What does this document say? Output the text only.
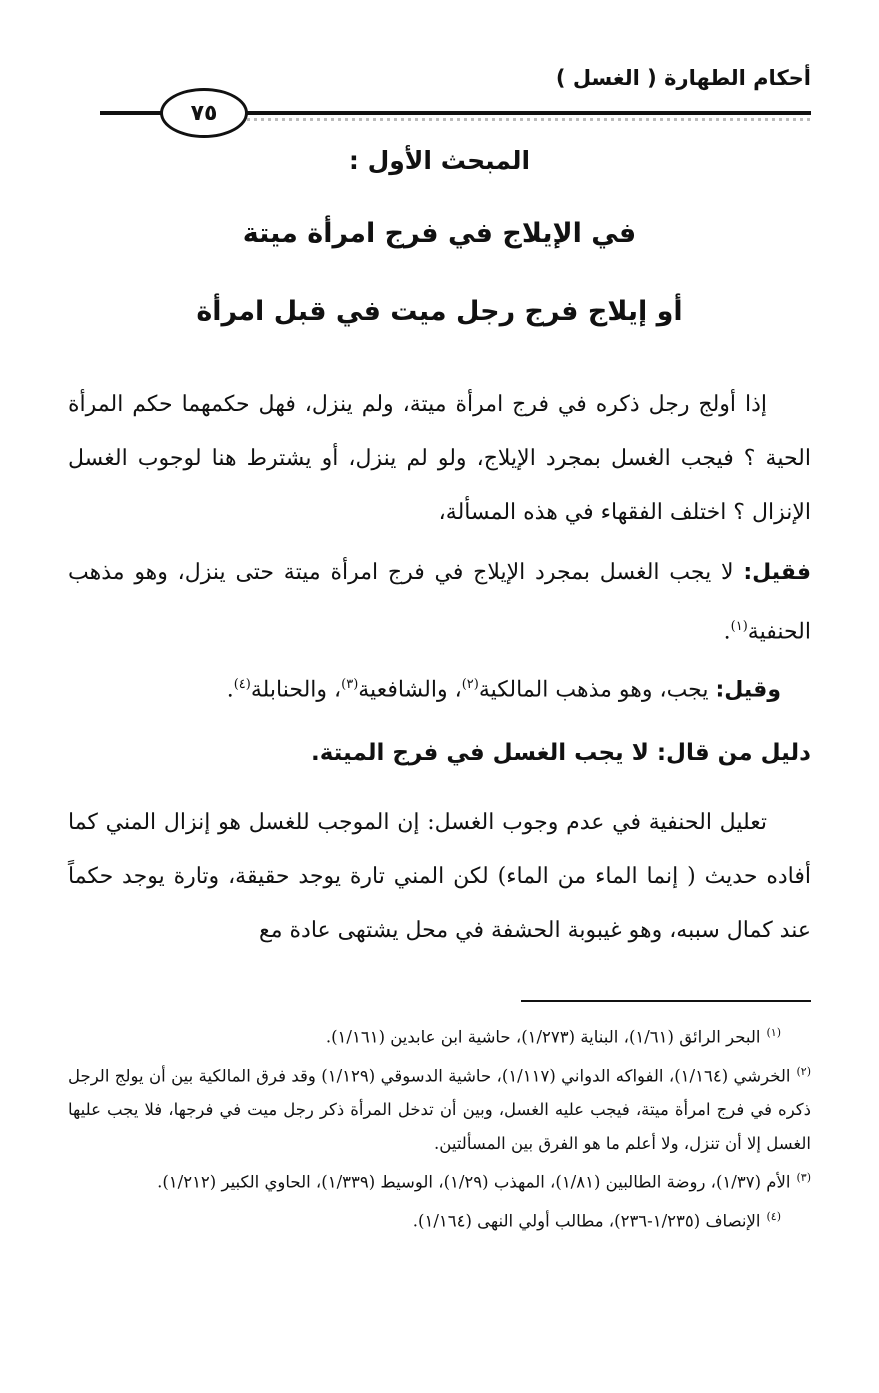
أحكام الطهارة ( الغسل )
٧٥
المبحث الأول :
في الإيلاج في فرج امرأة ميتة
أو إيلاج فرج رجل ميت في قبل امرأة
إذا أولج رجل ذكره في فرج امرأة ميتة، ولم ينزل، فهل حكمهما حكم المرأة الحية ؟ فيجب الغسل بمجرد الإيلاج، ولو لم ينزل، أو يشترط هنا لوجوب الغسل الإنزال ؟ اختلف الفقهاء في هذه المسألة،
فقيل: لا يجب الغسل بمجرد الإيلاج في فرج امرأة ميتة حتى ينزل، وهو مذهب الحنفية$^{(١)}$.
وقيل: يجب، وهو مذهب المالكية$^{(٢)}$، والشافعية$^{(٣)}$، والحنابلة$^{(٤)}$.
دليل من قال: لا يجب الغسل في فرج الميتة.
تعليل الحنفية في عدم وجوب الغسل: إن الموجب للغسل هو إنزال المني كما أفاده حديث ( إنما الماء من الماء) لكن المني تارة يوجد حقيقة، وتارة يوجد حكماً عند كمال سببه، وهو غيبوبة الحشفة في محل يشتهى عادة مع
$^{(١)}$البحر الرائق (١/٦١)، البناية (١/٢٧٣)، حاشية ابن عابدين (١/١٦١).
$^{(٢)}$الخرشي (١/١٦٤)، الفواكه الدواني (١/١١٧)، حاشية الدسوقي (١/١٢٩) وقد فرق المالكية بين أن يولج الرجل ذكره في فرج امرأة ميتة، فيجب عليه الغسل، وبين أن تدخل المرأة ذكر رجل ميت في فرجها، فلا يجب عليها الغسل إلا أن تنزل، ولا أعلم ما هو الفرق بين المسألتين.
$^{(٣)}$الأم (١/٣٧)، روضة الطالبين (١/٨١)، المهذب (١/٢٩)، الوسيط (١/٣٣٩)، الحاوي الكبير (١/٢١٢).
$^{(٤)}$الإنصاف (١/٢٣٥-٢٣٦)، مطالب أولي النهى (١/١٦٤).
